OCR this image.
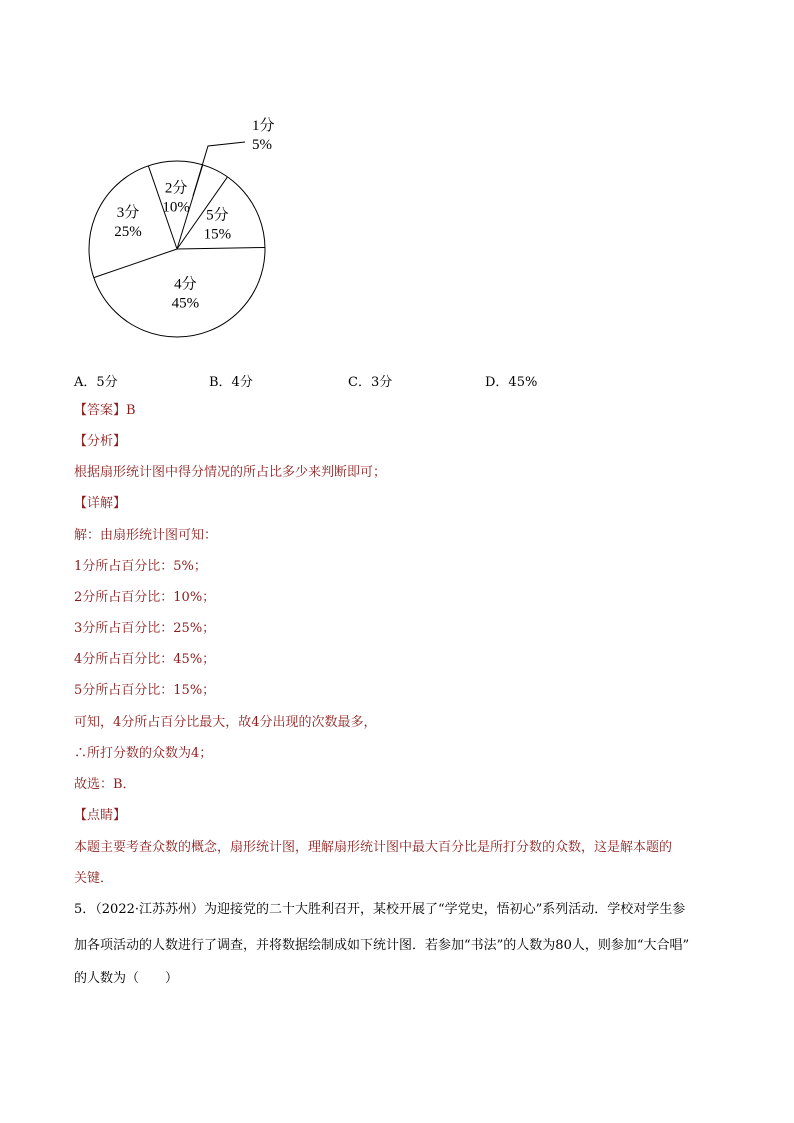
1分
5%
5分
15%
4分
45%
3分
25%
2分
10%
A．5分	B．4分	C．3分	D．45%
【答案】B
【分析】
根据扇形统计图中得分情况的所占比多少来判断即可；
【详解】
解：由扇形统计图可知：
1分所占百分比：5%；
2分所占百分比：10%；
3分所占百分比：25%；
4分所占百分比：45%；
5分所占百分比：15%；
可知，4分所占百分比最大，故4分出现的次数最多，
∴所打分数的众数为4；
故选：B．
【点睛】
本题主要考查众数的概念，扇形统计图，理解扇形统计图中最大百分比是所打分数的众数，这是解本题的
关键．
5．（2022·江苏苏州）为迎接党的二十大胜利召开，某校开展了“学党史，悟初心”系列活动．学校对学生参
加各项活动的人数进行了调查，并将数据绘制成如下统计图．若参加“书法”的人数为80人，则参加“大合唱”
的人数为（　　）
